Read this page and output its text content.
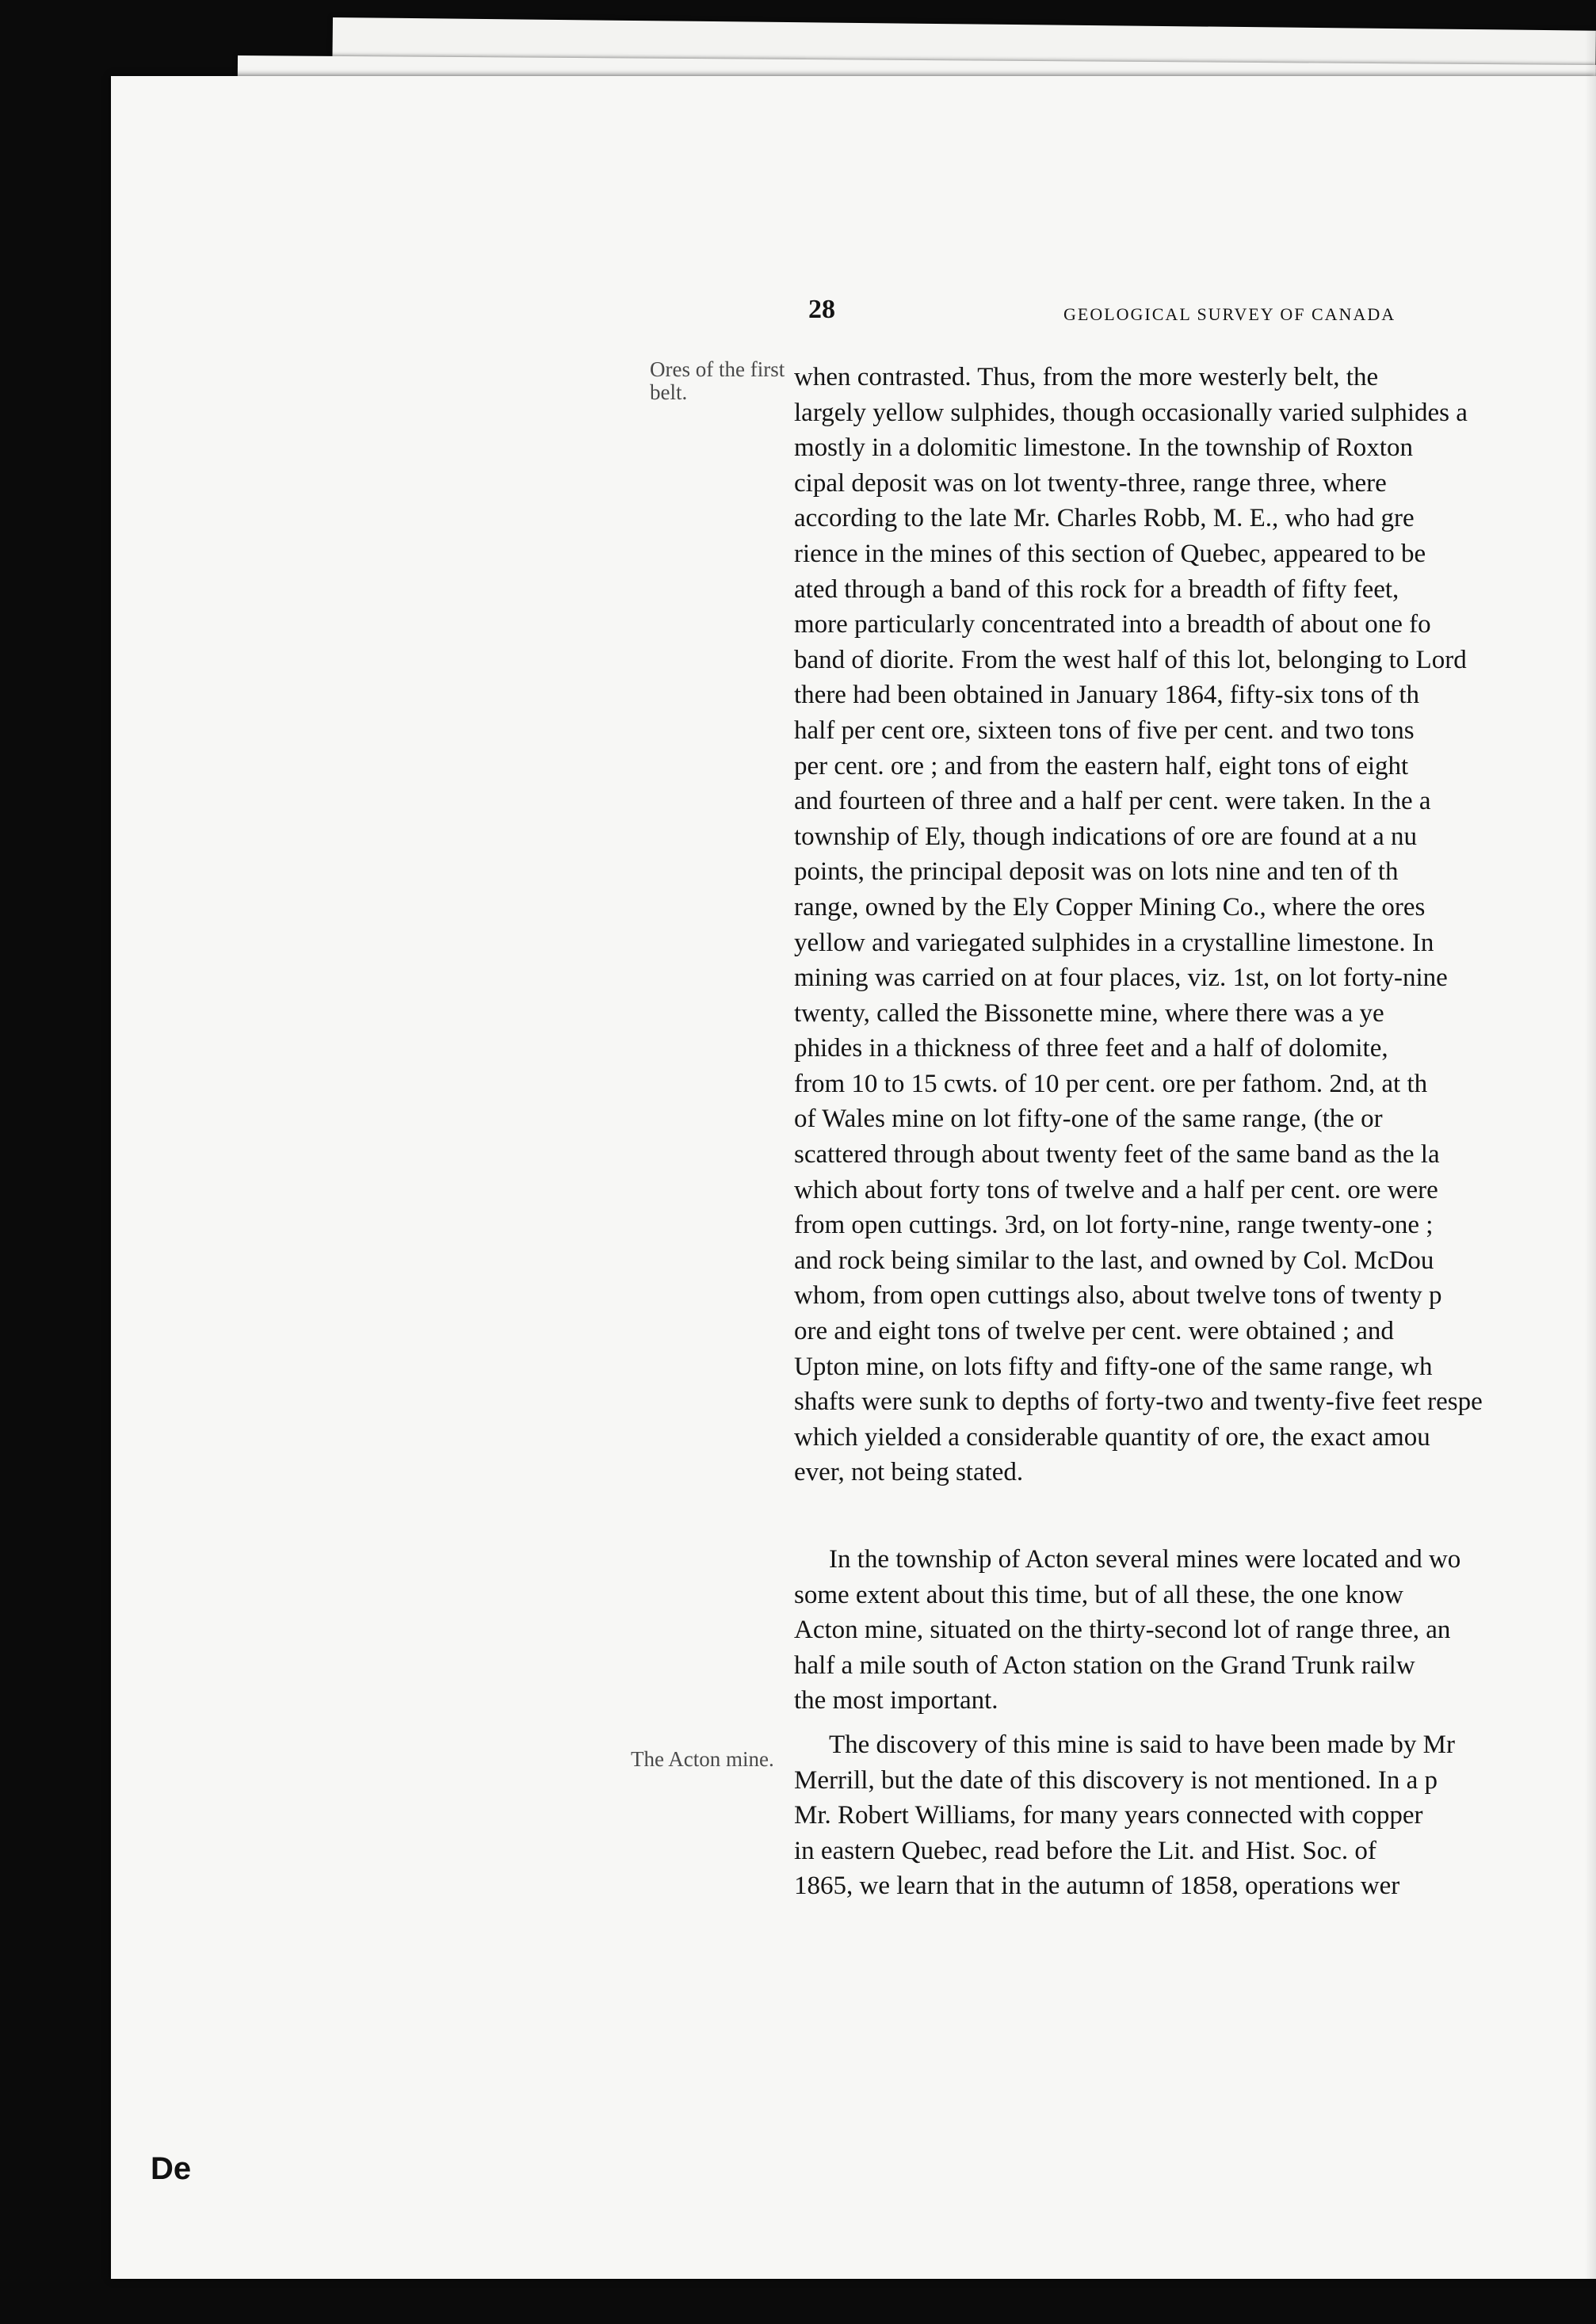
28	GEOLOGICAL SURVEY OF CANADA
Ores of the first belt.
The Acton mine.
when contrasted. Thus, from the more westerly belt, the
largely yellow sulphides, though occasionally varied sulphides a
mostly in a dolomitic limestone. In the township of Roxton
cipal deposit was on lot twenty-three, range three, where
according to the late Mr. Charles Robb, M. E., who had gre
rience in the mines of this section of Quebec, appeared to be
ated through a band of this rock for a breadth of fifty feet,
more particularly concentrated into a breadth of about one fo
band of diorite. From the west half of this lot, belonging to Lord
there had been obtained in January 1864, fifty-six tons of th
half per cent ore, sixteen tons of five per cent. and two tons
per cent. ore ; and from the eastern half, eight tons of eight
and fourteen of three and a half per cent. were taken. In the a
township of Ely, though indications of ore are found at a nu
points, the principal deposit was on lots nine and ten of th
range, owned by the Ely Copper Mining Co., where the ores
yellow and variegated sulphides in a crystalline limestone. In
mining was carried on at four places, viz. 1st, on lot forty-nine
twenty, called the Bissonette mine, where there was a ye
phides in a thickness of three feet and a half of dolomite,
from 10 to 15 cwts. of 10 per cent. ore per fathom. 2nd, at th
of Wales mine on lot fifty-one of the same range, (the or
scattered through about twenty feet of the same band as the la
which about forty tons of twelve and a half per cent. ore were
from open cuttings. 3rd, on lot forty-nine, range twenty-one ;
and rock being similar to the last, and owned by Col. McDou
whom, from open cuttings also, about twelve tons of twenty p
ore and eight tons of twelve per cent. were obtained ; and
Upton mine, on lots fifty and fifty-one of the same range, wh
shafts were sunk to depths of forty-two and twenty-five feet respe
which yielded a considerable quantity of ore, the exact amou
ever, not being stated.
In the township of Acton several mines were located and wo
some extent about this time, but of all these, the one know
Acton mine, situated on the thirty-second lot of range three, an
half a mile south of Acton station on the Grand Trunk railw
the most important.
The discovery of this mine is said to have been made by Mr
Merrill, but the date of this discovery is not mentioned. In a p
Mr. Robert Williams, for many years connected with copper
in eastern Quebec, read before the Lit. and Hist. Soc. of
1865, we learn that in the autumn of 1858, operations wer
De
